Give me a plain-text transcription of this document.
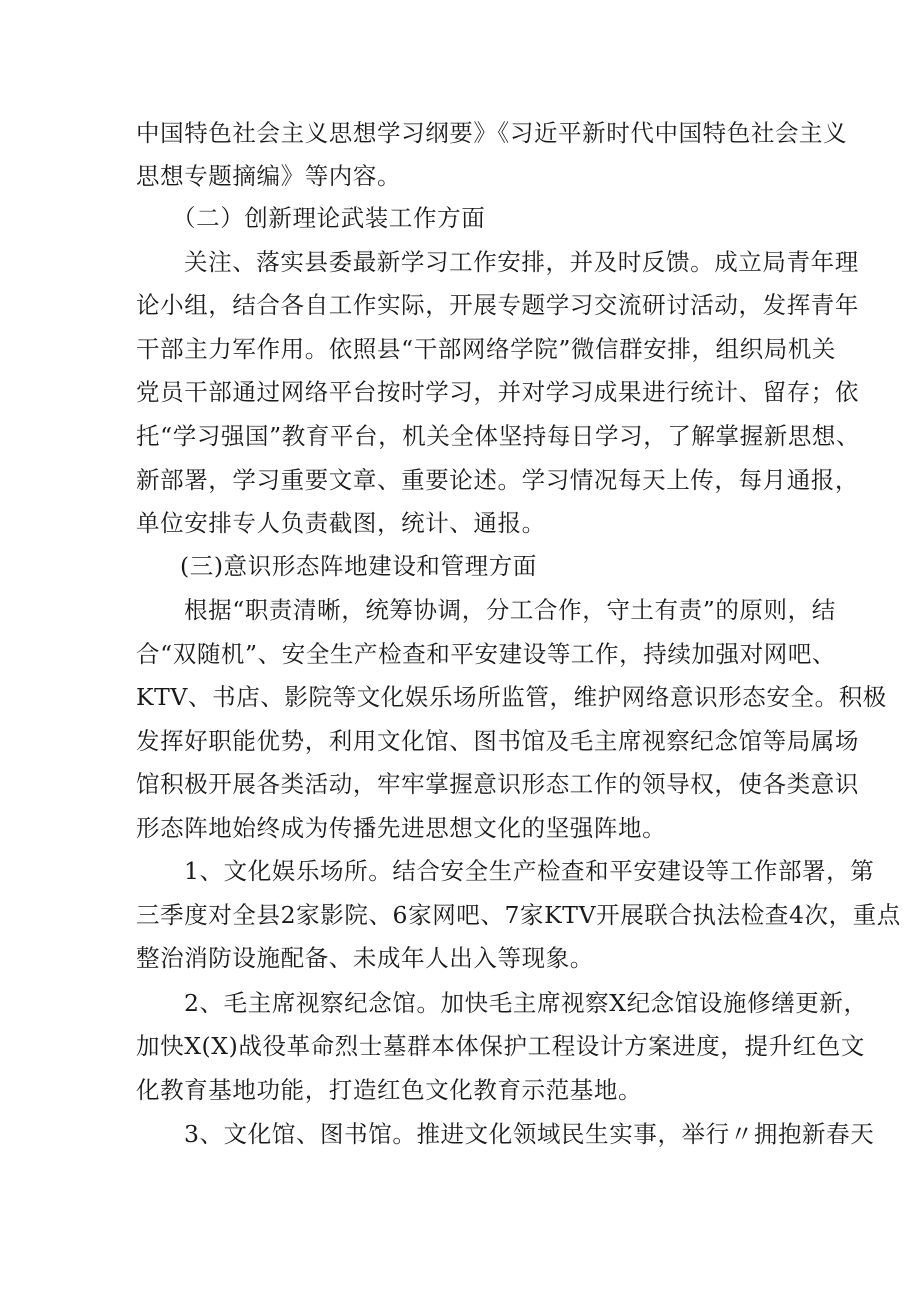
中国特色社会主义思想学习纲要》《习近平新时代中国特色社会主义
思想专题摘编》等内容。
（二）创新理论武装工作方面
关注、落实县委最新学习工作安排，并及时反馈。成立局青年理
论小组，结合各自工作实际，开展专题学习交流研讨活动，发挥青年
干部主力军作用。依照县“干部网络学院”微信群安排，组织局机关
党员干部通过网络平台按时学习，并对学习成果进行统计、留存；依
托“学习强国”教育平台，机关全体坚持每日学习，了解掌握新思想、
新部署，学习重要文章、重要论述。学习情况每天上传，每月通报，
单位安排专人负责截图，统计、通报。
(三)意识形态阵地建设和管理方面
根据“职责清晰，统筹协调，分工合作，守土有责”的原则，结
合“双随机”、安全生产检查和平安建设等工作，持续加强对网吧、
KTV、书店、影院等文化娱乐场所监管，维护网络意识形态安全。积极
发挥好职能优势，利用文化馆、图书馆及毛主席视察纪念馆等局属场
馆积极开展各类活动，牢牢掌握意识形态工作的领导权，使各类意识
形态阵地始终成为传播先进思想文化的坚强阵地。
1、文化娱乐场所。结合安全生产检查和平安建设等工作部署，第
三季度对全县2家影院、6家网吧、7家KTV开展联合执法检查4次，重点
整治消防设施配备、未成年人出入等现象。
2、毛主席视察纪念馆。加快毛主席视察X纪念馆设施修缮更新，
加快X(X)战役革命烈士墓群本体保护工程设计方案进度，提升红色文
化教育基地功能，打造红色文化教育示范基地。
3、文化馆、图书馆。推进文化领域民生实事，举行〃拥抱新春天
